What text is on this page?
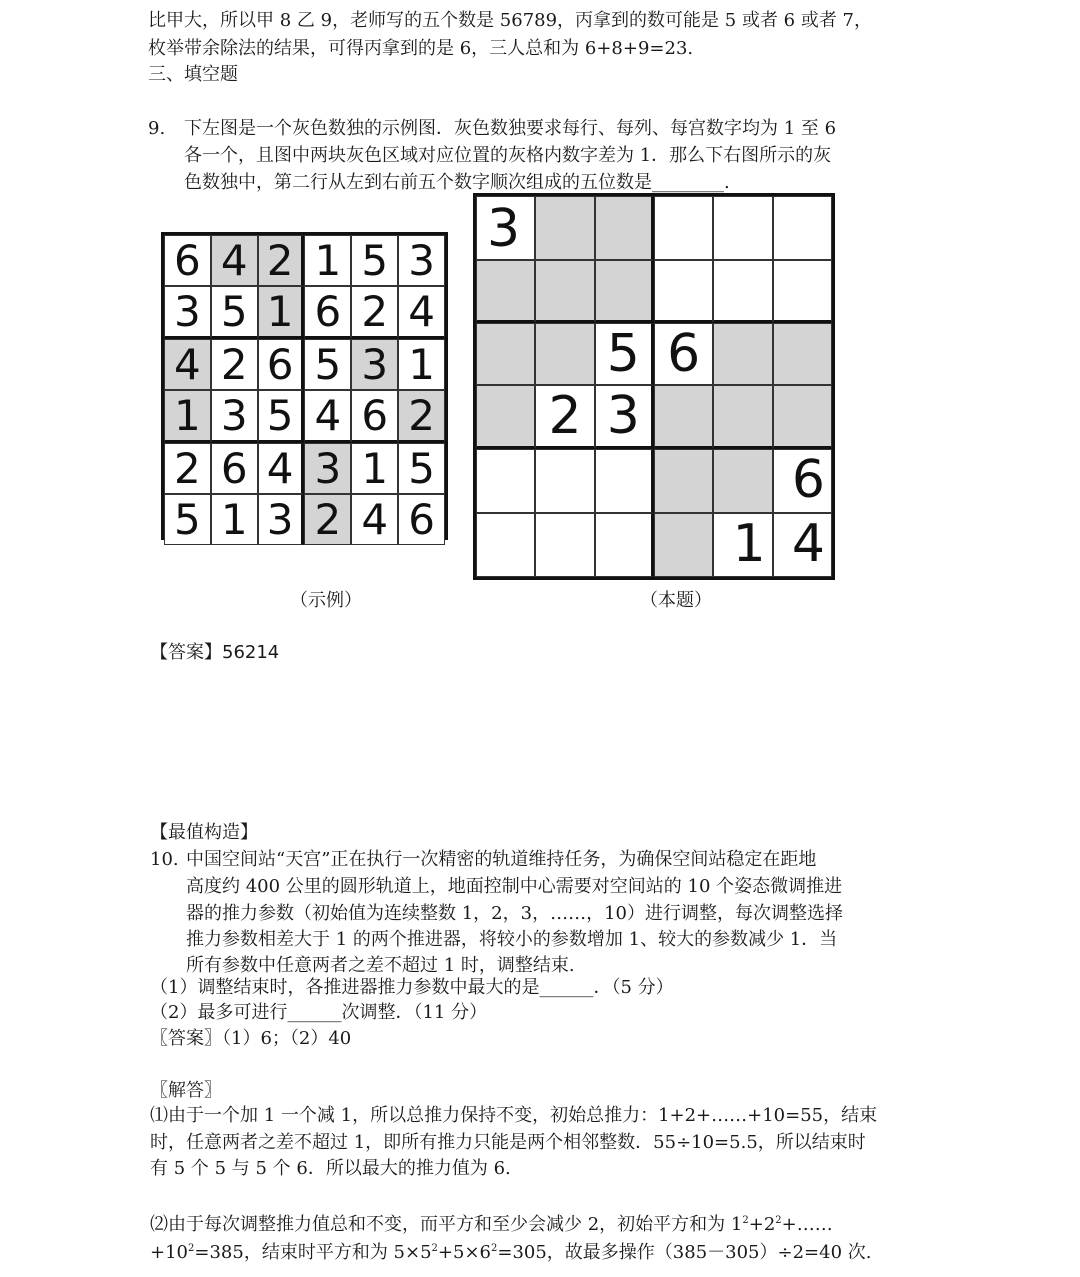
比甲大，所以甲 8 乙 9，老师写的五个数是 56789，丙拿到的数可能是 5 或者 6 或者 7，
枚举带余除法的结果，可得丙拿到的是 6，三人总和为 6+8+9=23.
三、填空题
9. 下左图是一个灰色数独的示例图．灰色数独要求每行、每列、每宫数字均为 1 至 6
各一个，且图中两块灰色区域对应位置的灰格内数字差为 1．那么下右图所示的灰
色数独中，第二行从左到右前五个数字顺次组成的五位数是________.
6 4 2 1 5 3
3 5 1 6 2 4
4 2 6 5 3 1
1 3 5 4 6 2
2 6 4 3 1 5
5 1 3 2 4 6
3
5 6
2 3
6
1 4
（示例）	（本题）
【答案】56214
【最值构造】
10. 中国空间站“天宫”正在执行一次精密的轨道维持任务，为确保空间站稳定在距地
高度约 400 公里的圆形轨道上，地面控制中心需要对空间站的 10 个姿态微调推进
器的推力参数（初始值为连续整数 1，2，3，……，10）进行调整，每次调整选择
推力参数相差大于 1 的两个推进器，将较小的参数增加 1、较大的参数减少 1．当
所有参数中任意两者之差不超过 1 时，调整结束.
（1）调整结束时，各推进器推力参数中最大的是______．（5 分）
（2）最多可进行______次调整．（11 分）
〖答案〗（1）6；（2）40
〖解答〗
⑴由于一个加 1 一个减 1，所以总推力保持不变，初始总推力：1+2+……+10=55，结束
时，任意两者之差不超过 1，即所有推力只能是两个相邻整数．55÷10=5.5，所以结束时
有 5 个 5 与 5 个 6．所以最大的推力值为 6.
⑵由于每次调整推力值总和不变，而平方和至少会减少 2，初始平方和为 $1^2+2^2+\dots\dots$
$+10^2=385$，结束时平方和为 $5\times 5^2+5\times 6^2=305$，故最多操作（385－305）÷2=40 次.
